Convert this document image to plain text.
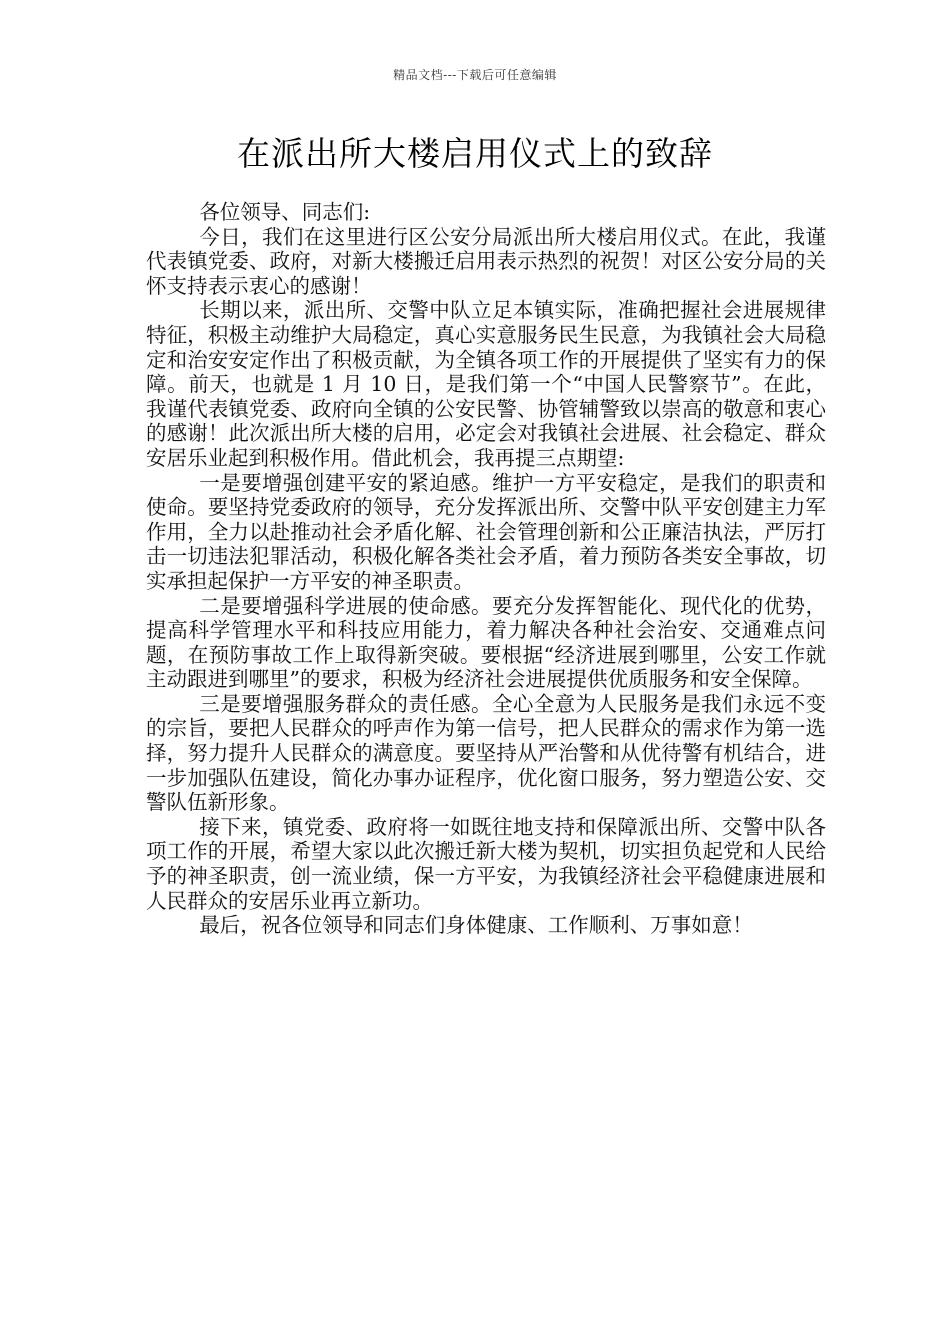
精品文档---下载后可任意编辑
在派出所大楼启用仪式上的致辞

各位领导、同志们:

今日，我们在这里进行区公安分局派出所大楼启用仪式。在此，我谨代表镇党委、政府，对新大楼搬迁启用表示热烈的祝贺！对区公安分局的关怀支持表示衷心的感谢！

长期以来，派出所、交警中队立足本镇实际，准确把握社会进展规律特征，积极主动维护大局稳定，真心实意服务民生民意，为我镇社会大局稳定和治安安定作出了积极贡献，为全镇各项工作的开展提供了坚实有力的保障。前天，也就是 1 月 10 日，是我们第一个“中国人民警察节”。在此，我谨代表镇党委、政府向全镇的公安民警、协管辅警致以崇高的敬意和衷心的感谢！此次派出所大楼的启用，必定会对我镇社会进展、社会稳定、群众安居乐业起到积极作用。借此机会，我再提三点期望:

一是要增强创建平安的紧迫感。维护一方平安稳定，是我们的职责和使命。要坚持党委政府的领导，充分发挥派出所、交警中队平安创建主力军作用，全力以赴推动社会矛盾化解、社会管理创新和公正廉洁执法，严厉打击一切违法犯罪活动，积极化解各类社会矛盾，着力预防各类安全事故，切实承担起保护一方平安的神圣职责。

二是要增强科学进展的使命感。要充分发挥智能化、现代化的优势，提高科学管理水平和科技应用能力，着力解决各种社会治安、交通难点问题，在预防事故工作上取得新突破。要根据“经济进展到哪里，公安工作就主动跟进到哪里”的要求，积极为经济社会进展提供优质服务和安全保障。

三是要增强服务群众的责任感。全心全意为人民服务是我们永远不变的宗旨，要把人民群众的呼声作为第一信号，把人民群众的需求作为第一选择，努力提升人民群众的满意度。要坚持从严治警和从优待警有机结合，进一步加强队伍建设，简化办事办证程序，优化窗口服务，努力塑造公安、交警队伍新形象。

接下来，镇党委、政府将一如既往地支持和保障派出所、交警中队各项工作的开展，希望大家以此次搬迁新大楼为契机，切实担负起党和人民给予的神圣职责，创一流业绩，保一方平安，为我镇经济社会平稳健康进展和人民群众的安居乐业再立新功。

最后，祝各位领导和同志们身体健康、工作顺利、万事如意！
